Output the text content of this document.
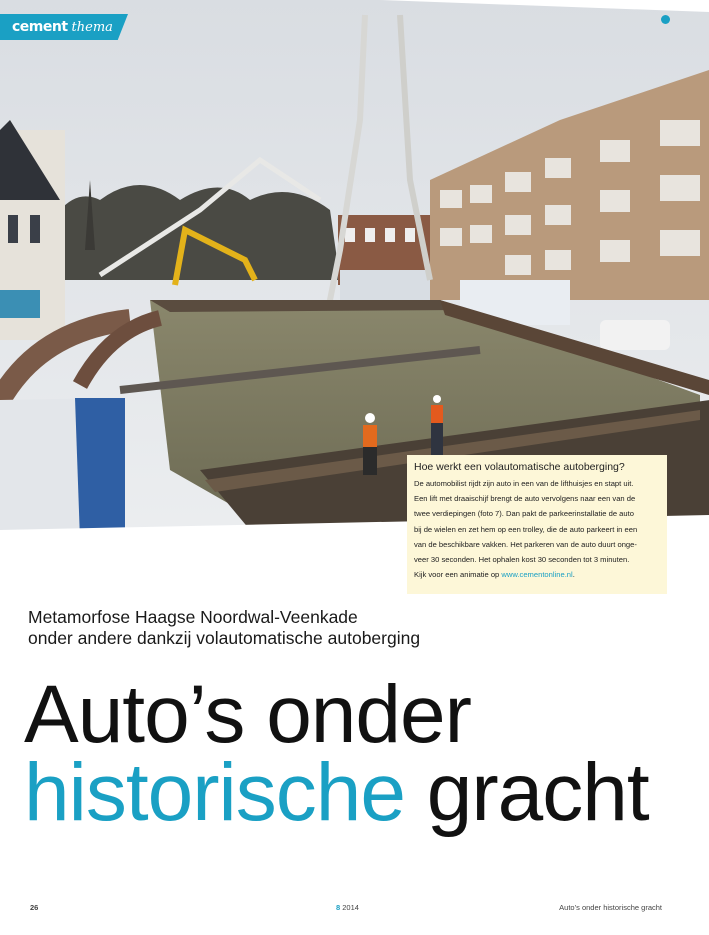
cement thema
Hoe werkt een volautomatische autoberging?
De automobilist rijdt zijn auto in een van de lifthuisjes en stapt uit.
Een lift met draaischijf brengt de auto vervolgens naar een van de
twee verdiepingen (foto 7). Dan pakt de parkeerinstallatie de auto
bij de wielen en zet hem op een trolley, die de auto parkeert in een
van de beschikbare vakken. Het parkeren van de auto duurt onge-
veer 30 seconden. Het ophalen kost 30 seconden tot 3 minuten.
Kijk voor een animatie op www.cementonline.nl.
Metamorfose Haagse Noordwal-Veenkade
onder andere dankzij volautomatische autoberging
Auto’s onder
historische gracht
26	8 2014	Auto’s onder historische gracht
